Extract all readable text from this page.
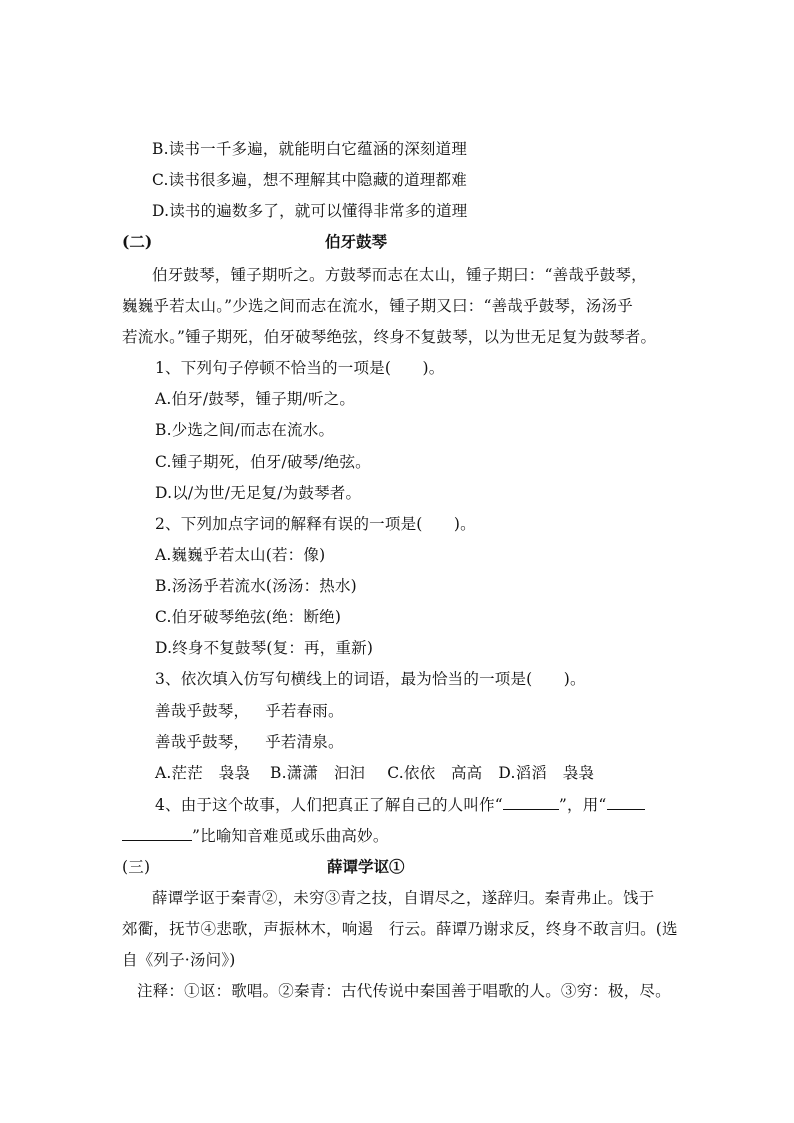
B.读书一千多遍，就能明白它蕴涵的深刻道理
C.读书很多遍，想不理解其中隐藏的道理都难
D.读书的遍数多了，就可以懂得非常多的道理
(二)	伯牙鼓琴
伯牙鼓琴，锺子期听之。方鼓琴而志在太山，锺子期曰：“善哉乎鼓琴，
巍巍乎若太山。”少选之间而志在流水，锺子期又曰：“善哉乎鼓琴，汤汤乎
若流水。”锺子期死，伯牙破琴绝弦，终身不复鼓琴，以为世无足复为鼓琴者。
1、下列句子停顿不恰当的一项是(　　)。
A.伯牙/鼓琴，锺子期/听之。
B.少选之间/而志在流水。
C.锺子期死，伯牙/破琴/绝弦。
D.以/为世/无足复/为鼓琴者。
2、下列加点字词的解释有误的一项是(　　)。
A.巍巍乎若太山(若：像)
B.汤汤乎若流水(汤汤：热水)
C.伯牙破琴绝弦(绝：断绝)
D.终身不复鼓琴(复：再，重新)
3、依次填入仿写句横线上的词语，最为恰当的一项是(　　)。
善哉乎鼓琴， 乎若春雨。
善哉乎鼓琴， 乎若清泉。
A.茫茫　袅袅 B.潇潇　汩汩 C.依依　高高 D.滔滔　袅袅
4、由于这个故事，人们把真正了解自己的人叫作“	”，用“
”比喻知音难觅或乐曲高妙。
(三)	薛谭学讴①
薛谭学讴于秦青②，未穷③青之技，自谓尽之，遂辞归。秦青弗止。饯于
郊衢，抚节④悲歌，声振林木，响遏　行云。薛谭乃谢求反，终身不敢言归。(选
自《列子·汤问》)
注释：①讴：歌唱。②秦青：古代传说中秦国善于唱歌的人。③穷：极，尽。
